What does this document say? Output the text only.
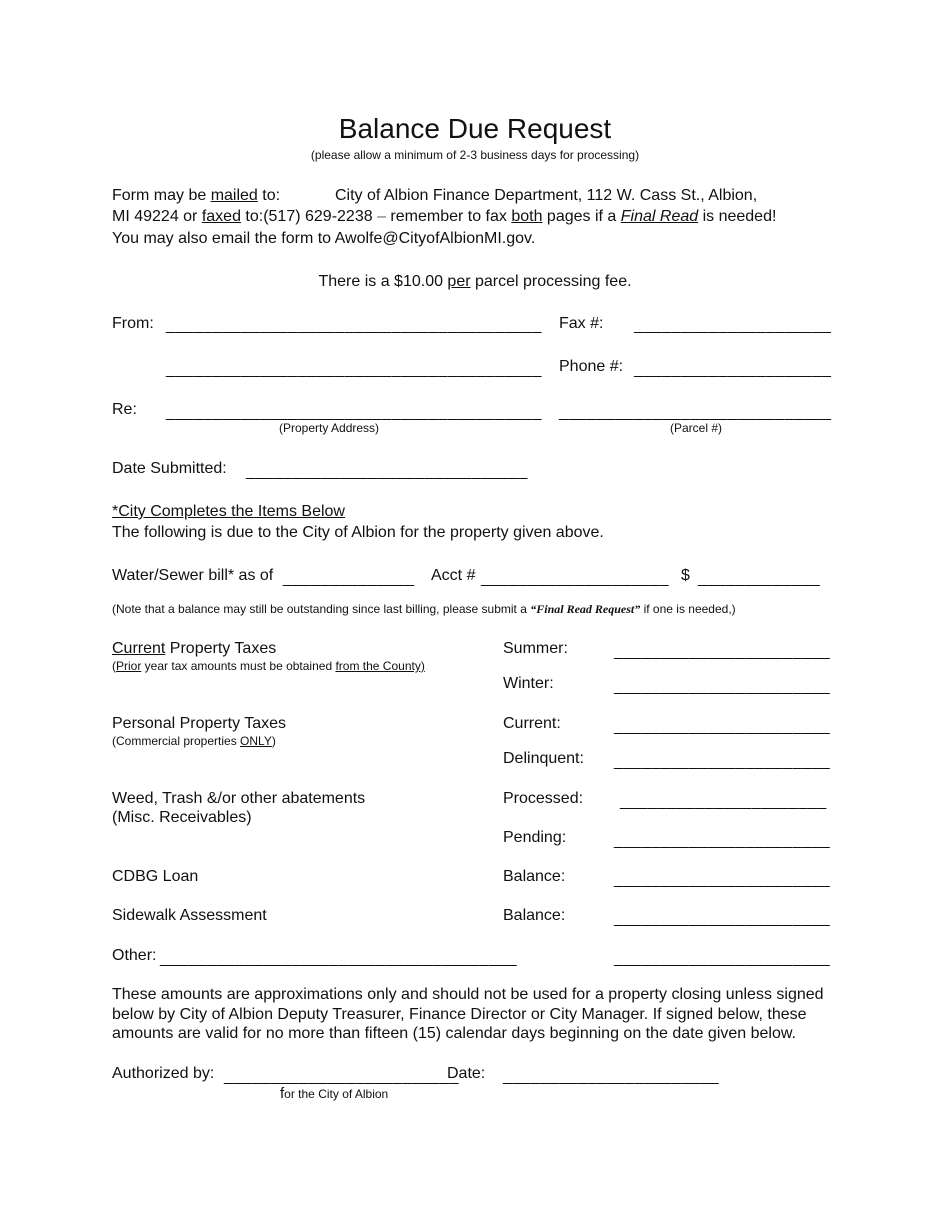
Balance Due Request
(please allow a minimum of 2-3 business days for processing)
Form may be mailed to:	City of Albion Finance Department, 112 W. Cass St., Albion,
MI 49224 or faxed to:(517) 629-2238 – remember to fax both pages if a Final Read is needed!
You may also email the form to Awolfe@CityofAlbionMI.gov.
There is a $10.00 per parcel processing fee.
From: ________________________________________ Fax #: _____________________
________________________________________ Phone #: _____________________
Re: ________________________________________ _____________________________
(Property Address)	(Parcel #)
Date Submitted: ______________________________
*City Completes the Items Below
The following is due to the City of Albion for the property given above.
Water/Sewer bill* as of ______________ Acct # ____________________ $ _____________
(Note that a balance may still be outstanding since last billing, please submit a “Final Read Request” if one is needed,)
Current Property Taxes
(Prior year tax amounts must be obtained from the County)
Summer:	_______________________
Winter:	_______________________
Personal Property Taxes
(Commercial properties ONLY)
Current:	_______________________
Delinquent: _______________________
Weed, Trash &/or other abatements
(Misc. Receivables)
Processed: ______________________
Pending:	_______________________
CDBG Loan	Balance:	_______________________
Sidewalk Assessment	Balance:	_______________________
Other: ______________________________________	_______________________
These amounts are approximations only and should not be used for a property closing unless signed
below by City of Albion Deputy Treasurer, Finance Director or City Manager. If signed below, these
amounts are valid for no more than fifteen (15) calendar days beginning on the date given below.
Authorized by: _________________________
Date: _______________________
for the City of Albion
